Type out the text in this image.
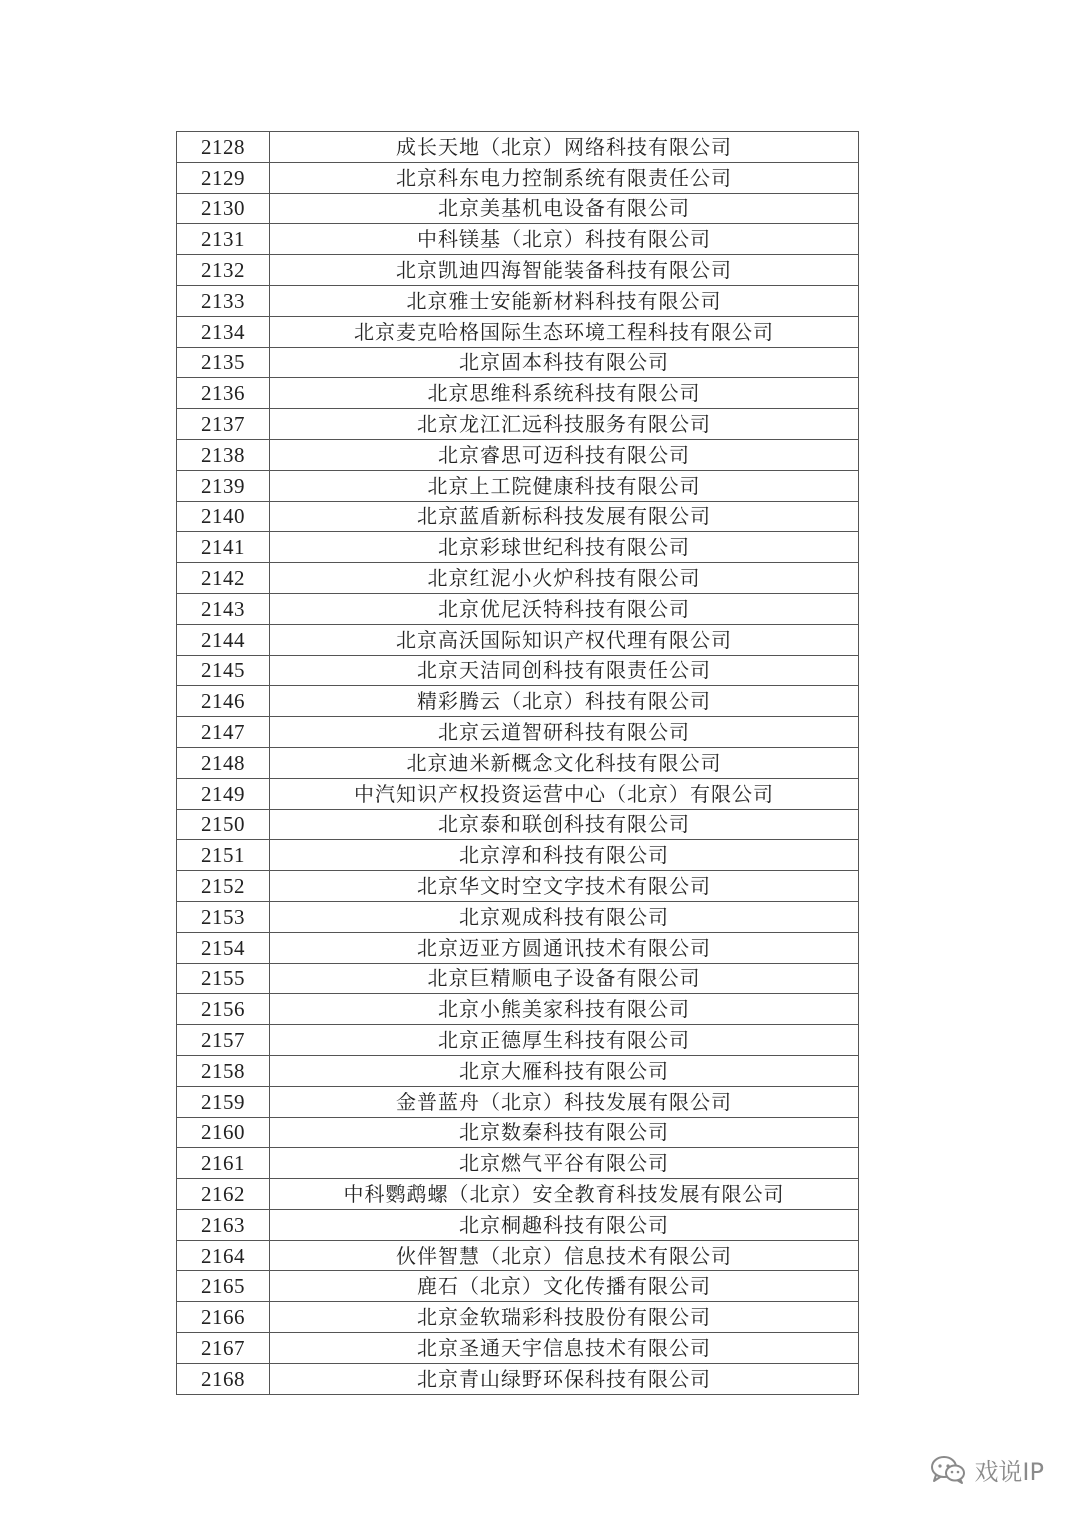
2128	成长天地（北京）网络科技有限公司
2129	北京科东电力控制系统有限责任公司
2130	北京美基机电设备有限公司
2131	中科镁基（北京）科技有限公司
2132	北京凯迪四海智能装备科技有限公司
2133	北京雅士安能新材料科技有限公司
2134	北京麦克哈格国际生态环境工程科技有限公司
2135	北京固本科技有限公司
2136	北京思维科系统科技有限公司
2137	北京龙江汇远科技服务有限公司
2138	北京睿思可迈科技有限公司
2139	北京上工院健康科技有限公司
2140	北京蓝盾新标科技发展有限公司
2141	北京彩球世纪科技有限公司
2142	北京红泥小火炉科技有限公司
2143	北京优尼沃特科技有限公司
2144	北京高沃国际知识产权代理有限公司
2145	北京天洁同创科技有限责任公司
2146	精彩腾云（北京）科技有限公司
2147	北京云道智研科技有限公司
2148	北京迪米新概念文化科技有限公司
2149	中汽知识产权投资运营中心（北京）有限公司
2150	北京泰和联创科技有限公司
2151	北京淳和科技有限公司
2152	北京华文时空文字技术有限公司
2153	北京观成科技有限公司
2154	北京迈亚方圆通讯技术有限公司
2155	北京巨精顺电子设备有限公司
2156	北京小熊美家科技有限公司
2157	北京正德厚生科技有限公司
2158	北京大雁科技有限公司
2159	金普蓝舟（北京）科技发展有限公司
2160	北京数秦科技有限公司
2161	北京燃气平谷有限公司
2162	中科鹦鹉螺（北京）安全教育科技发展有限公司
2163	北京桐趣科技有限公司
2164	伙伴智慧（北京）信息技术有限公司
2165	鹿石（北京）文化传播有限公司
2166	北京金软瑞彩科技股份有限公司
2167	北京圣通天宇信息技术有限公司
2168	北京青山绿野环保科技有限公司
戏说IP
